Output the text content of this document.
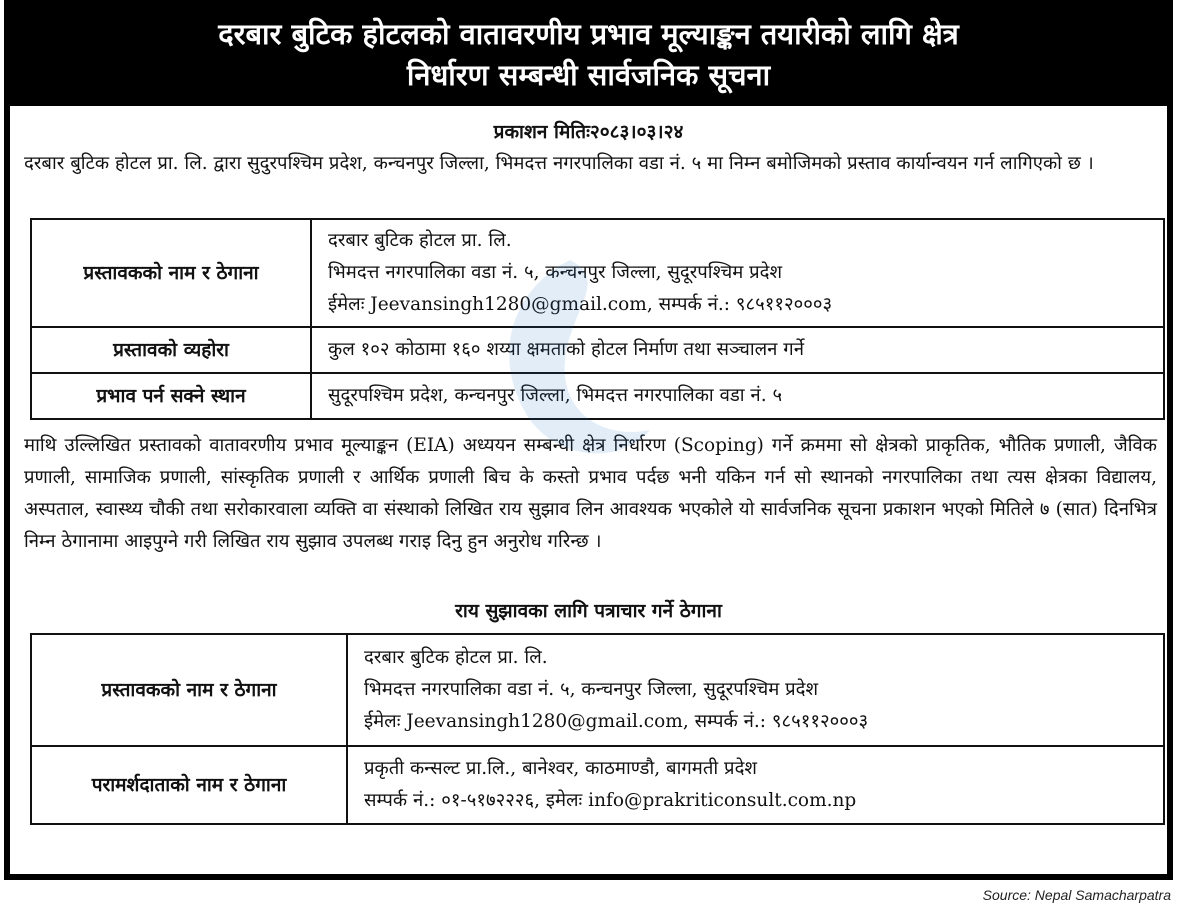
दरबार बुटिक होटलको वातावरणीय प्रभाव मूल्याङ्कन तयारीको लागि क्षेत्र
निर्धारण सम्बन्धी सार्वजनिक सूचना
प्रकाशन मितिः२०८३।०३।२४
दरबार बुटिक होटल प्रा. लि. द्वारा सुदुरपश्चिम प्रदेश, कन्चनपुर जिल्ला, भिमदत्त नगरपालिका वडा नं. ५ मा निम्न बमोजिमको प्रस्ताव कार्यान्वयन गर्न लागिएको छ ।
प्रस्तावकको नाम र ठेगाना	दरबार बुटिक होटल प्रा. लि.
भिमदत्त नगरपालिका वडा नं. ५, कन्चनपुर जिल्ला, सुदूरपश्चिम प्रदेश
ईमेलः Jeevansingh1280@gmail.com, सम्पर्क नं.: ९८५११२०००३

प्रस्तावको व्यहोरा	कुल १०२ कोठामा १६० शय्या क्षमताको होटल निर्माण तथा सञ्चालन गर्ने

प्रभाव पर्न सक्ने स्थान	सुदूरपश्चिम प्रदेश, कन्चनपुर जिल्ला, भिमदत्त नगरपालिका वडा नं. ५
माथि उल्लिखित प्रस्तावको वातावरणीय प्रभाव मूल्याङ्कन (EIA) अध्ययन सम्बन्धी क्षेत्र निर्धारण (Scoping) गर्ने क्रममा सो क्षेत्रको प्राकृतिक, भौतिक प्रणाली, जैविक प्रणाली, सामाजिक प्रणाली, सांस्कृतिक प्रणाली र आर्थिक प्रणाली बिच के कस्तो प्रभाव पर्दछ भनी यकिन गर्न सो स्थानको नगरपालिका तथा त्यस क्षेत्रका विद्यालय, अस्पताल, स्वास्थ्य चौकी तथा सरोकारवाला व्यक्ति वा संस्थाको लिखित राय सुझाव लिन आवश्यक भएकोले यो सार्वजनिक सूचना प्रकाशन भएको मितिले ७ (सात) दिनभित्र निम्न ठेगानामा आइपुग्ने गरी लिखित राय सुझाव उपलब्ध गराइ दिनु हुन अनुरोध गरिन्छ ।
राय सुझावका लागि पत्राचार गर्ने ठेगाना
प्रस्तावकको नाम र ठेगाना	दरबार बुटिक होटल प्रा. लि.
भिमदत्त नगरपालिका वडा नं. ५, कन्चनपुर जिल्ला, सुदूरपश्चिम प्रदेश
ईमेलः Jeevansingh1280@gmail.com, सम्पर्क नं.: ९८५११२०००३

परामर्शदाताको नाम र ठेगाना	प्रकृती कन्सल्ट प्रा.लि., बानेश्वर, काठमाण्डौ, बागमती प्रदेश
सम्पर्क नं.: ०१-५१७२२२६, इमेलः info@prakriticonsult.com.np
Source: Nepal Samacharpatra
